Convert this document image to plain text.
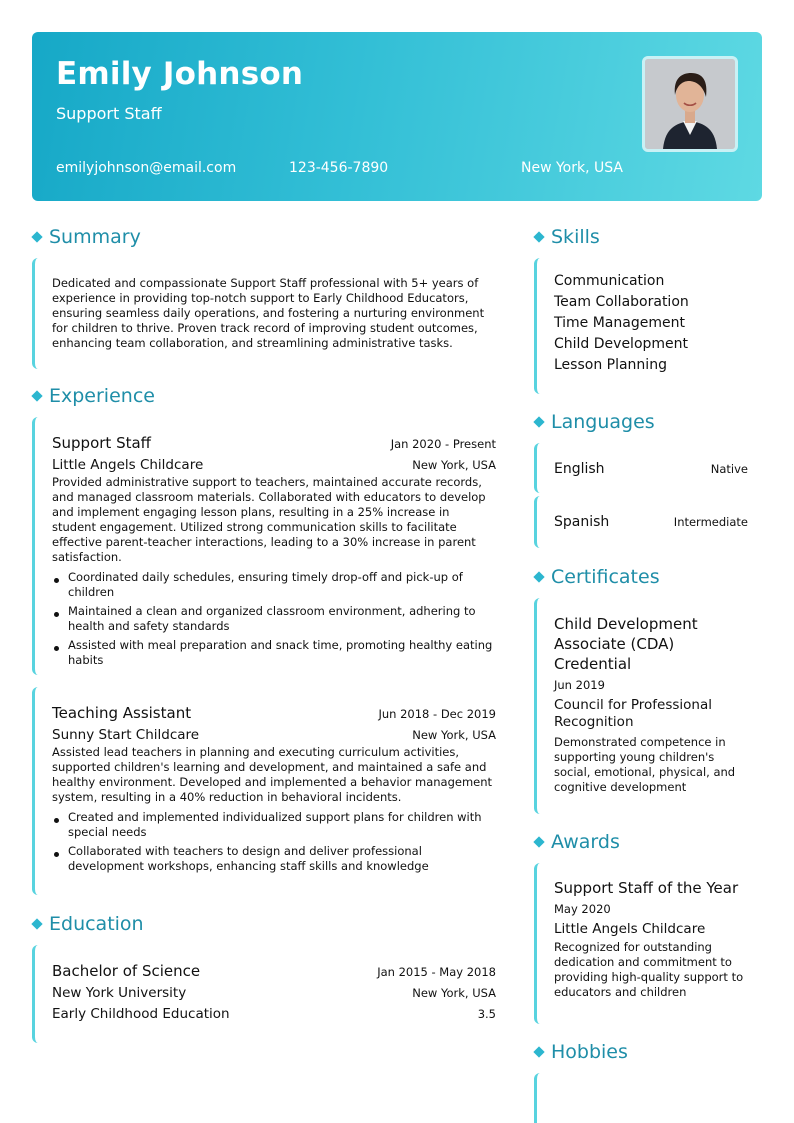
Emily Johnson
Support Staff
emilyjohnson@email.com	123-456-7890	New York, USA
Summary
Dedicated and compassionate Support Staff professional with 5+ years of experience in providing top-notch support to Early Childhood Educators, ensuring seamless daily operations, and fostering a nurturing environment for children to thrive. Proven track record of improving student outcomes, enhancing team collaboration, and streamlining administrative tasks.
Experience
Support Staff	Jan 2020 - Present
Little Angels Childcare	New York, USA
Provided administrative support to teachers, maintained accurate records, and managed classroom materials. Collaborated with educators to develop and implement engaging lesson plans, resulting in a 25% increase in student engagement. Utilized strong communication skills to facilitate effective parent-teacher interactions, leading to a 30% increase in parent satisfaction.
Coordinated daily schedules, ensuring timely drop-off and pick-up of children
Maintained a clean and organized classroom environment, adhering to health and safety standards
Assisted with meal preparation and snack time, promoting healthy eating habits
Teaching Assistant	Jun 2018 - Dec 2019
Sunny Start Childcare	New York, USA
Assisted lead teachers in planning and executing curriculum activities, supported children's learning and development, and maintained a safe and healthy environment. Developed and implemented a behavior management system, resulting in a 40% reduction in behavioral incidents.
Created and implemented individualized support plans for children with special needs
Collaborated with teachers to design and deliver professional development workshops, enhancing staff skills and knowledge
Education
Bachelor of Science	Jan 2015 - May 2018
New York University	New York, USA
Early Childhood Education	3.5
Skills
Communication
Team Collaboration
Time Management
Child Development
Lesson Planning
Languages
English	Native
Spanish	Intermediate
Certificates
Child Development Associate (CDA) Credential
Jun 2019
Council for Professional Recognition
Demonstrated competence in supporting young children's social, emotional, physical, and cognitive development
Awards
Support Staff of the Year
May 2020
Little Angels Childcare
Recognized for outstanding dedication and commitment to providing high-quality support to educators and children
Hobbies
